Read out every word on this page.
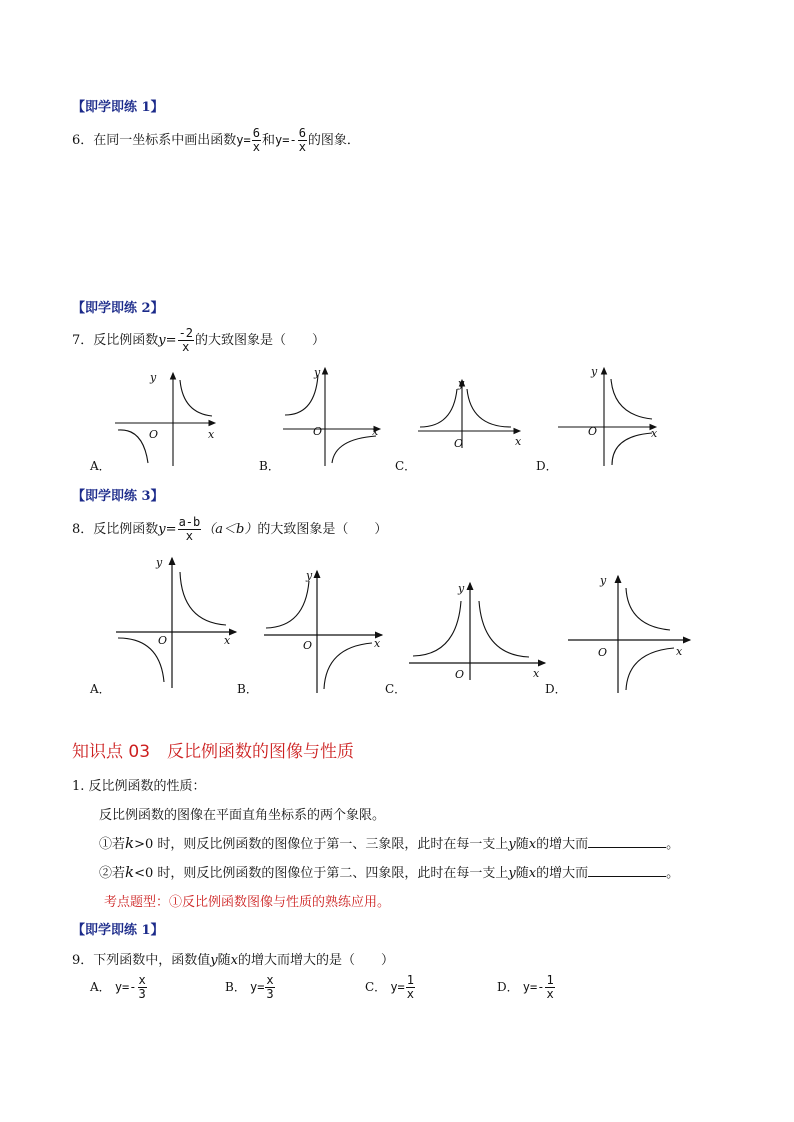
【即学即练 1】
6．在同一坐标系中画出函数$y= \frac{6}{x}$ 和$y=- \frac{6}{x}$ 的图象．
【即学即练 2】
7．反比例函数$y= \frac{-2}{x}$ 的大致图象是（　　）
y
x
O
y
x
O
y
x
O
y
x
O
A．	B．	C．	D．
【即学即练 3】
8．反比例函数$y= \frac{a-b}{x} (a<b)$的大致图象是（　　）
y
x
O
y
x
O
y
x
O
y
x
O
A．	B．	C．	D．
知识点 03　反比例函数的图像与性质
1. 反比例函数的性质：
反比例函数的图像在平面直角坐标系的两个象限。
①若k>0 时，则反比例函数的图像位于第一、三象限，此时在每一支上y随x的增大而	。
②若k<0 时，则反比例函数的图像位于第二、四象限，此时在每一支上y随x的增大而	。
考点题型：①反比例函数图像与性质的熟练应用。
【即学即练 1】
9．下列函数中，函数值y随x的增大而增大的是（　　）
A． $y=- \frac{x}{3}$	B． $y= \frac{x}{3}$	C． $y= \frac{1}{x}$	D． $y=- \frac{1}{x}$
